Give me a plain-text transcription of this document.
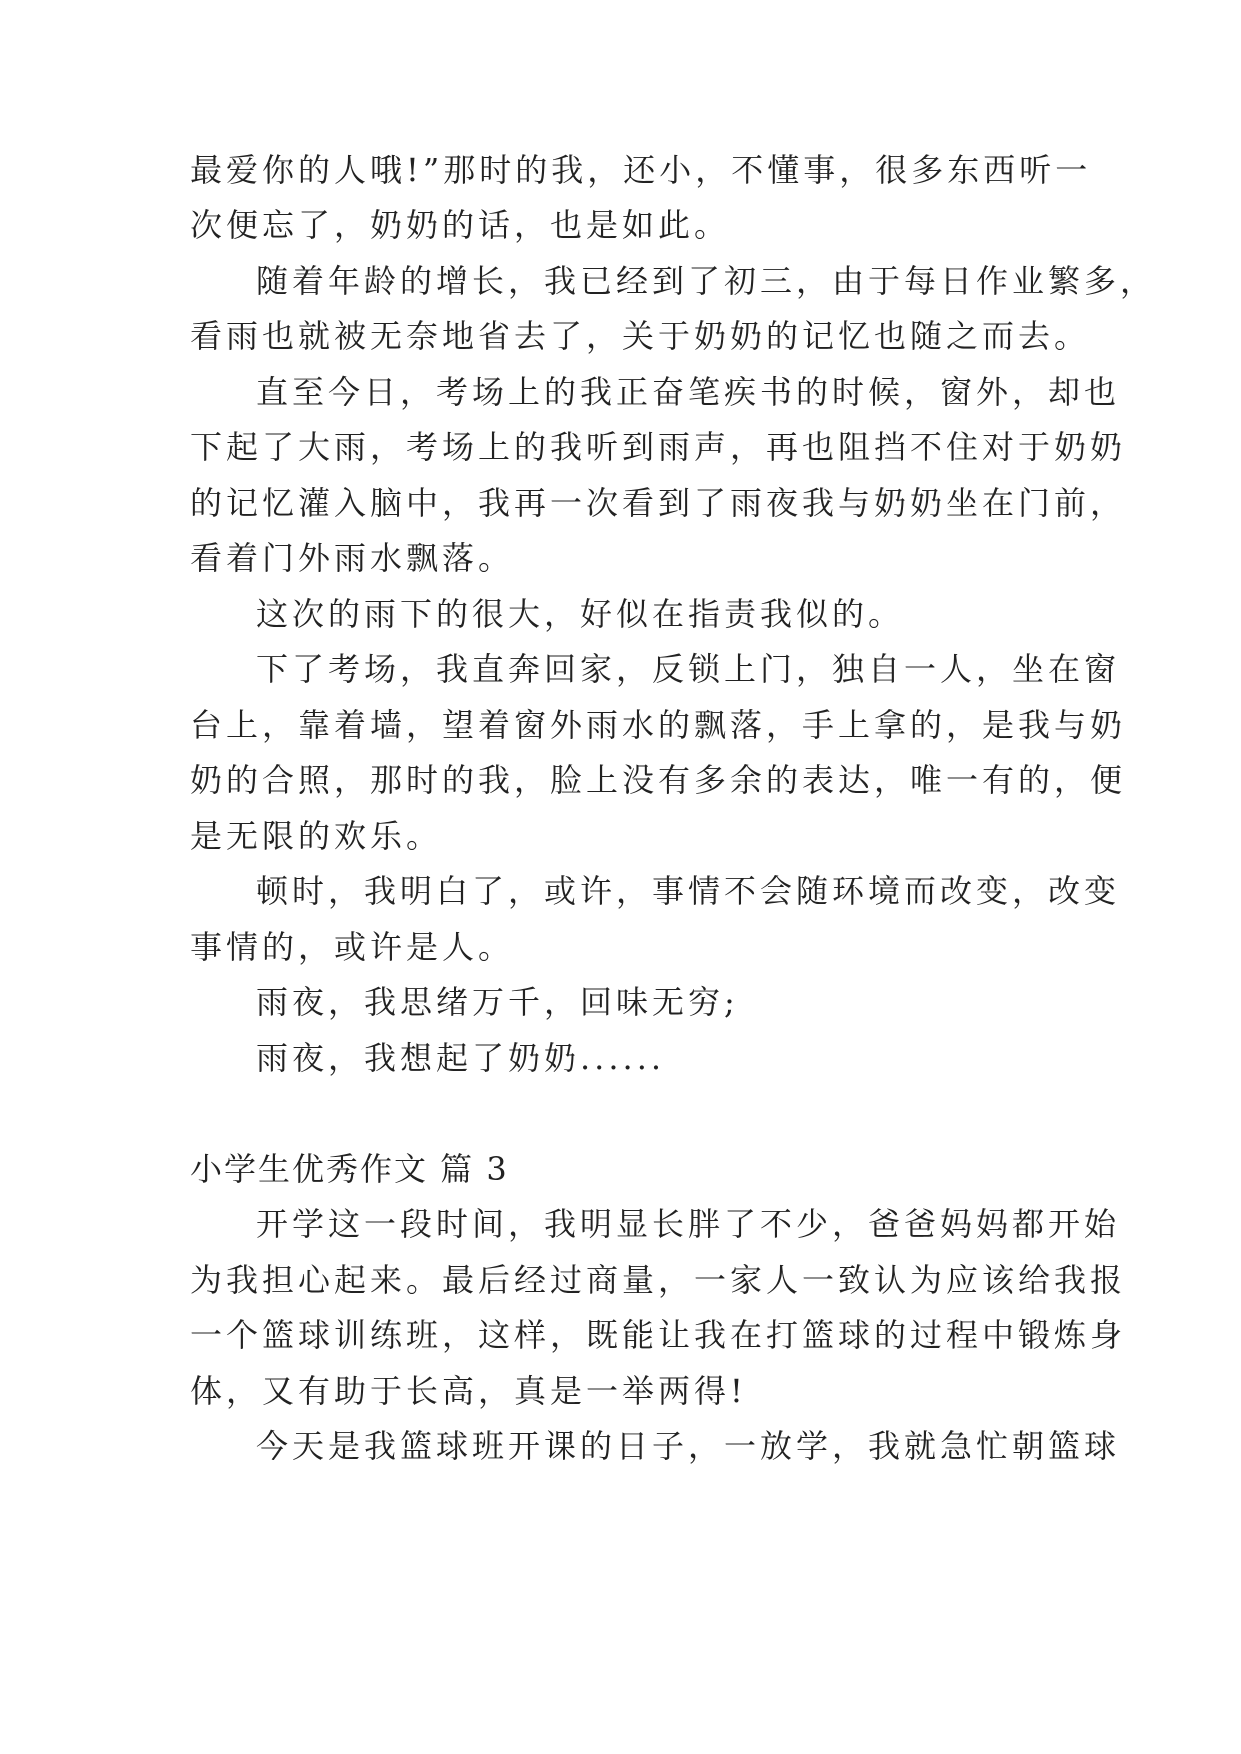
最爱你的人哦!”那时的我，还小，不懂事，很多东西听一
次便忘了，奶奶的话，也是如此。
随着年龄的增长，我已经到了初三，由于每日作业繁多，
看雨也就被无奈地省去了，关于奶奶的记忆也随之而去。
直至今日，考场上的我正奋笔疾书的时候，窗外，却也
下起了大雨，考场上的我听到雨声，再也阻挡不住对于奶奶
的记忆灌入脑中，我再一次看到了雨夜我与奶奶坐在门前，
看着门外雨水飘落。
这次的雨下的很大，好似在指责我似的。
下了考场，我直奔回家，反锁上门，独自一人，坐在窗
台上，靠着墙，望着窗外雨水的飘落，手上拿的，是我与奶
奶的合照，那时的我，脸上没有多余的表达，唯一有的，便
是无限的欢乐。
顿时，我明白了，或许，事情不会随环境而改变，改变
事情的，或许是人。
雨夜，我思绪万千，回味无穷;
雨夜，我想起了奶奶......
小学生优秀作文 篇 3
开学这一段时间，我明显长胖了不少，爸爸妈妈都开始
为我担心起来。最后经过商量，一家人一致认为应该给我报
一个篮球训练班，这样，既能让我在打篮球的过程中锻炼身
体，又有助于长高，真是一举两得!
今天是我篮球班开课的日子，一放学，我就急忙朝篮球
